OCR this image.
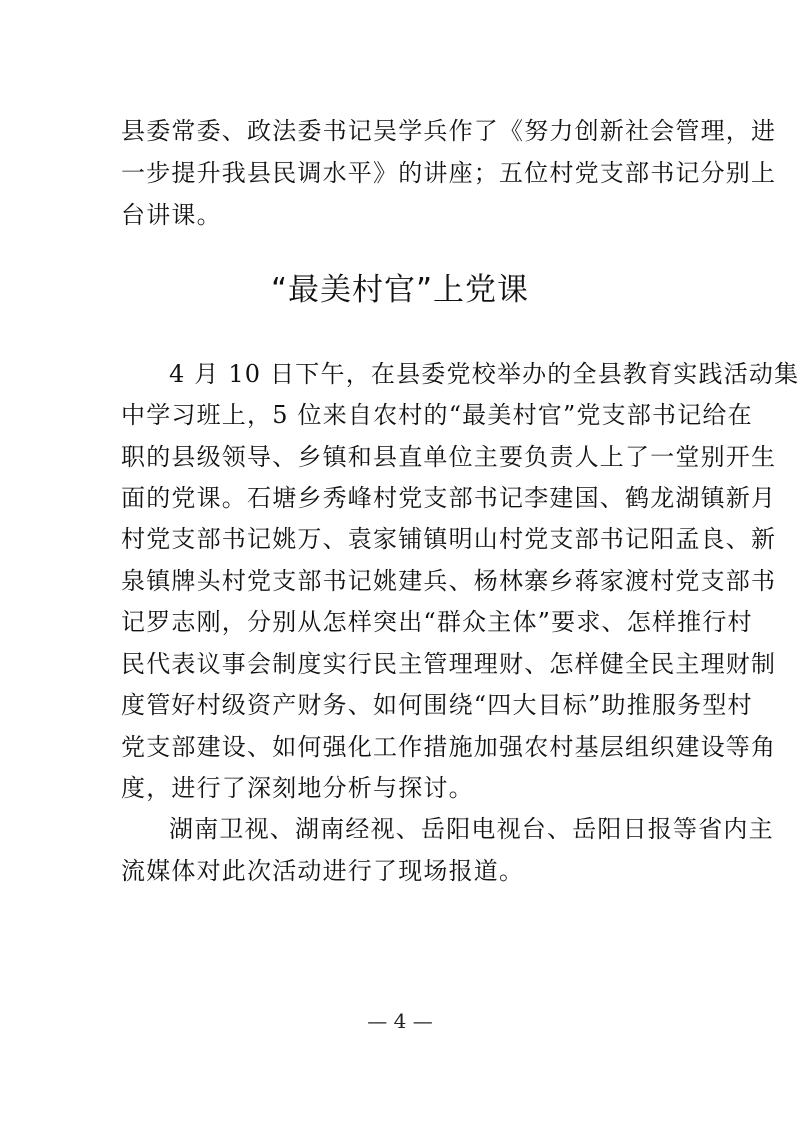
县委常委、政法委书记吴学兵作了《努力创新社会管理，进
一步提升我县民调水平》的讲座；五位村党支部书记分别上
台讲课。
“最美村官”上党课
4 月 10 日下午，在县委党校举办的全县教育实践活动集
中学习班上，5 位来自农村的“最美村官”党支部书记给在
职的县级领导、乡镇和县直单位主要负责人上了一堂别开生
面的党课。石塘乡秀峰村党支部书记李建国、鹤龙湖镇新月
村党支部书记姚万、袁家铺镇明山村党支部书记阳孟良、新
泉镇牌头村党支部书记姚建兵、杨林寨乡蒋家渡村党支部书
记罗志刚，分别从怎样突出“群众主体”要求、怎样推行村
民代表议事会制度实行民主管理理财、怎样健全民主理财制
度管好村级资产财务、如何围绕“四大目标”助推服务型村
党支部建设、如何强化工作措施加强农村基层组织建设等角
度，进行了深刻地分析与探讨。
湖南卫视、湖南经视、岳阳电视台、岳阳日报等省内主
流媒体对此次活动进行了现场报道。
— 4 —
